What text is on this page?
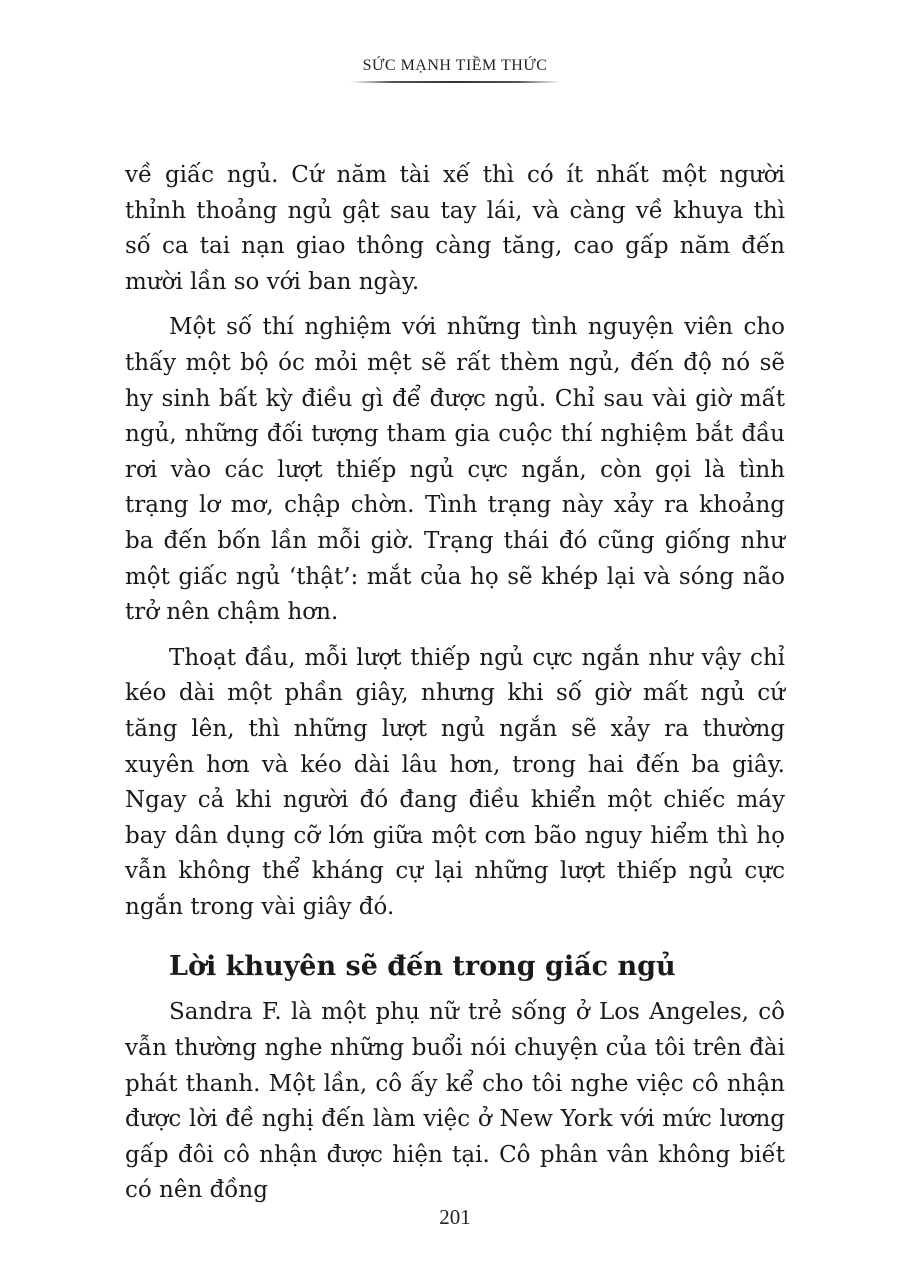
SỨC MẠNH TIỀM THỨC

về giấc ngủ. Cứ năm tài xế thì có ít nhất một người thỉnh thoảng ngủ gật sau tay lái, và càng về khuya thì số ca tai nạn giao thông càng tăng, cao gấp năm đến mười lần so với ban ngày.

Một số thí nghiệm với những tình nguyện viên cho thấy một bộ óc mỏi mệt sẽ rất thèm ngủ, đến độ nó sẽ hy sinh bất kỳ điều gì để được ngủ. Chỉ sau vài giờ mất ngủ, những đối tượng tham gia cuộc thí nghiệm bắt đầu rơi vào các lượt thiếp ngủ cực ngắn, còn gọi là tình trạng lơ mơ, chập chờn. Tình trạng này xảy ra khoảng ba đến bốn lần mỗi giờ. Trạng thái đó cũng giống như một giấc ngủ ‘thật’: mắt của họ sẽ khép lại và sóng não trở nên chậm hơn.

Thoạt đầu, mỗi lượt thiếp ngủ cực ngắn như vậy chỉ kéo dài một phần giây, nhưng khi số giờ mất ngủ cứ tăng lên, thì những lượt ngủ ngắn sẽ xảy ra thường xuyên hơn và kéo dài lâu hơn, trong hai đến ba giây. Ngay cả khi người đó đang điều khiển một chiếc máy bay dân dụng cỡ lớn giữa một cơn bão nguy hiểm thì họ vẫn không thể kháng cự lại những lượt thiếp ngủ cực ngắn trong vài giây đó.

Lời khuyên sẽ đến trong giấc ngủ

Sandra F. là một phụ nữ trẻ sống ở Los Angeles, cô vẫn thường nghe những buổi nói chuyện của tôi trên đài phát thanh. Một lần, cô ấy kể cho tôi nghe việc cô nhận được lời đề nghị đến làm việc ở New York với mức lương gấp đôi cô nhận được hiện tại. Cô phân vân không biết có nên đồng

201
